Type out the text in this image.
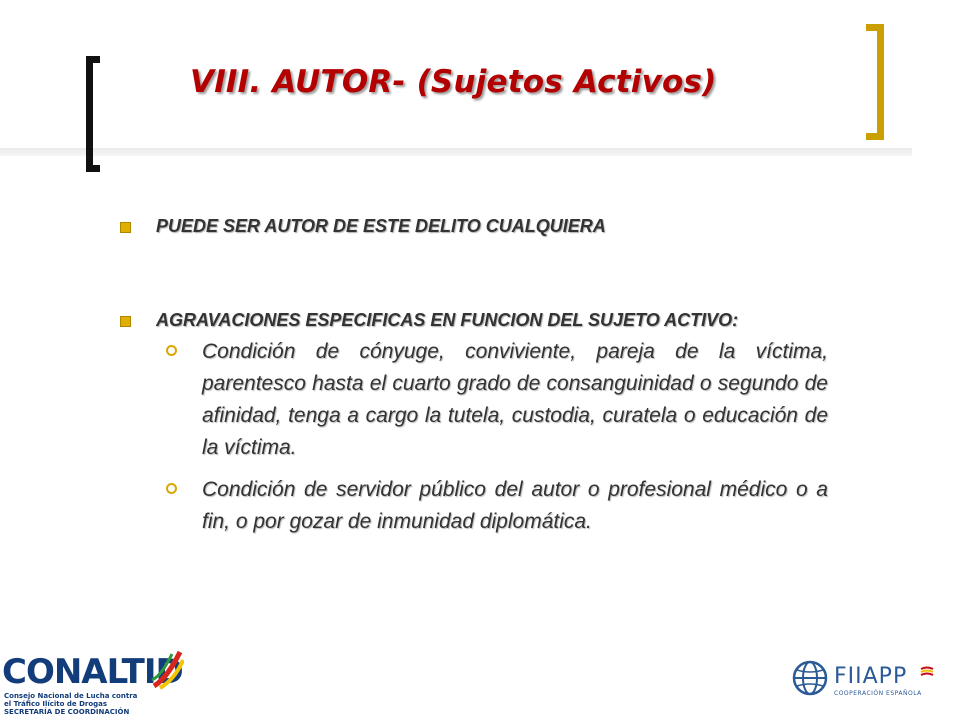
VIII. AUTOR- (Sujetos Activos)
PUEDE SER AUTOR DE ESTE DELITO CUALQUIERA
AGRAVACIONES ESPECIFICAS EN FUNCION DEL SUJETO ACTIVO:
Condición de cónyuge, conviviente, pareja de la víctima, parentesco hasta el cuarto grado de consanguinidad o segundo de afinidad, tenga a cargo la tutela, custodia, curatela o educación de la víctima.
Condición de servidor público del autor o profesional médico o a fin, o por gozar de inmunidad diplomática.
CONALTID
Consejo Nacional de Lucha contra
el Tráfico Ilícito de Drogas
SECRETARÍA DE COORDINACIÓN
FIIAPP
COOPERACIÓN ESPAÑOLA
